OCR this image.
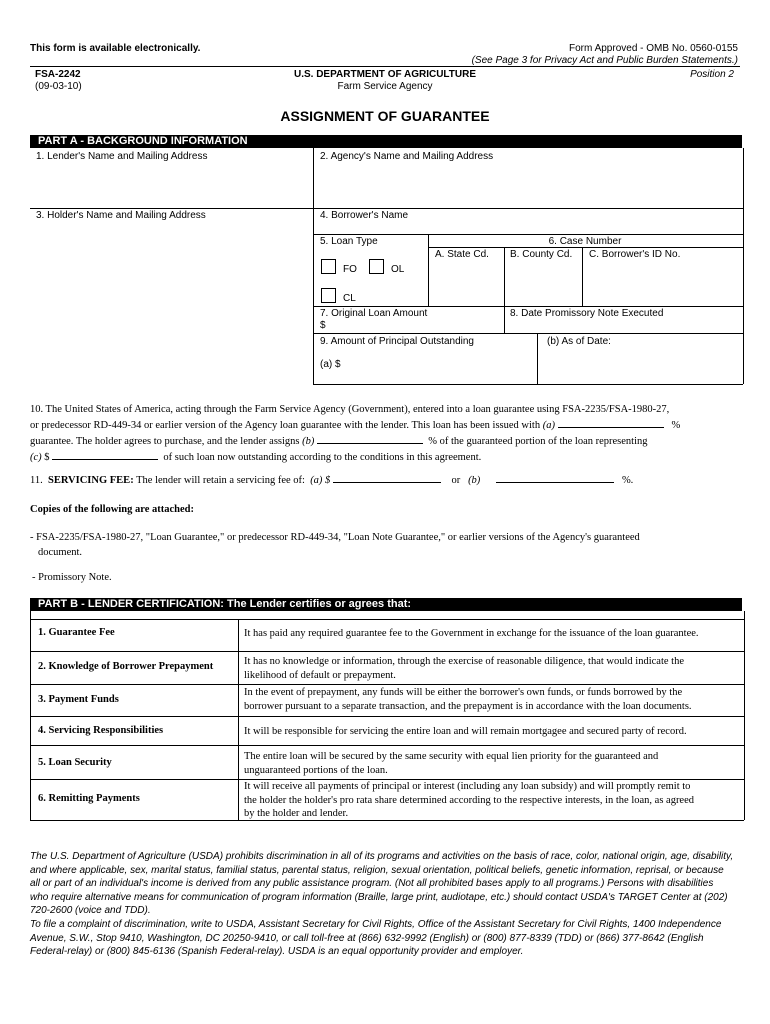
This form is available electronically.	Form Approved - OMB No. 0560-0155
(See Page 3 for Privacy Act and Public Burden Statements.)
FSA-2242
(09-03-10)
U.S. DEPARTMENT OF AGRICULTURE
Farm Service Agency
Position 2
ASSIGNMENT OF GUARANTEE
PART A - BACKGROUND INFORMATION
1. Lender's Name and Mailing Address	2. Agency's Name and Mailing Address
3. Holder's Name and Mailing Address	4. Borrower's Name
5. Loan Type	6. Case Number
A. State Cd. B. County Cd. C. Borrower's ID No.
FO	OL
CL
7. Original Loan Amount
$
8. Date Promissory Note Executed
9. Amount of Principal Outstanding
(a) $
(b) As of Date:
10. The United States of America, acting through the Farm Service Agency (Government), entered into a loan guarantee using FSA-2235/FSA-1980-27,
or predecessor RD-449-34 or earlier version of the Agency loan guarantee with the lender. This loan has been issued with (a)	%
guarantee. The holder agrees to purchase, and the lender assigns (b)	% of the guaranteed portion of the loan representing
(c) $	of such loan now outstanding according to the conditions in this agreement.
11. SERVICING FEE: The lender will retain a servicing fee of: (a) $	or (b)	%.
Copies of the following are attached:
- FSA-2235/FSA-1980-27, "Loan Guarantee," or predecessor RD-449-34, "Loan Note Guarantee," or earlier versions of the Agency's guaranteed
document.
- Promissory Note.
PART B - LENDER CERTIFICATION: The Lender certifies or agrees that:
1. Guarantee Fee	It has paid any required guarantee fee to the Government in exchange for the issuance of the loan guarantee.
2. Knowledge of Borrower Prepayment	It has no knowledge or information, through the exercise of reasonable diligence, that would indicate the
likelihood of default or prepayment.
3. Payment Funds
In the event of prepayment, any funds will be either the borrower's own funds, or funds borrowed by the
borrower pursuant to a separate transaction, and the prepayment is in accordance with the loan documents.
4. Servicing Responsibilities	It will be responsible for servicing the entire loan and will remain mortgagee and secured party of record.
5. Loan Security
The entire loan will be secured by the same security with equal lien priority for the guaranteed and
unguaranteed portions of the loan.
6. Remitting Payments
It will receive all payments of principal or interest (including any loan subsidy) and will promptly remit to
the holder the holder's pro rata share determined according to the respective interests, in the loan, as agreed
by the holder and lender.
The U.S. Department of Agriculture (USDA) prohibits discrimination in all of its programs and activities on the basis of race, color, national origin, age, disability,
and where applicable, sex, marital status, familial status, parental status, religion, sexual orientation, political beliefs, genetic information, reprisal, or because
all or part of an individual's income is derived from any public assistance program. (Not all prohibited bases apply to all programs.) Persons with disabilities
who require alternative means for communication of program information (Braille, large print, audiotape, etc.) should contact USDA's TARGET Center at (202)
720-2600 (voice and TDD).
To file a complaint of discrimination, write to USDA, Assistant Secretary for Civil Rights, Office of the Assistant Secretary for Civil Rights, 1400 Independence
Avenue, S.W., Stop 9410, Washington, DC 20250-9410, or call toll-free at (866) 632-9992 (English) or (800) 877-8339 (TDD) or (866) 377-8642 (English
Federal-relay) or (800) 845-6136 (Spanish Federal-relay). USDA is an equal opportunity provider and employer.
